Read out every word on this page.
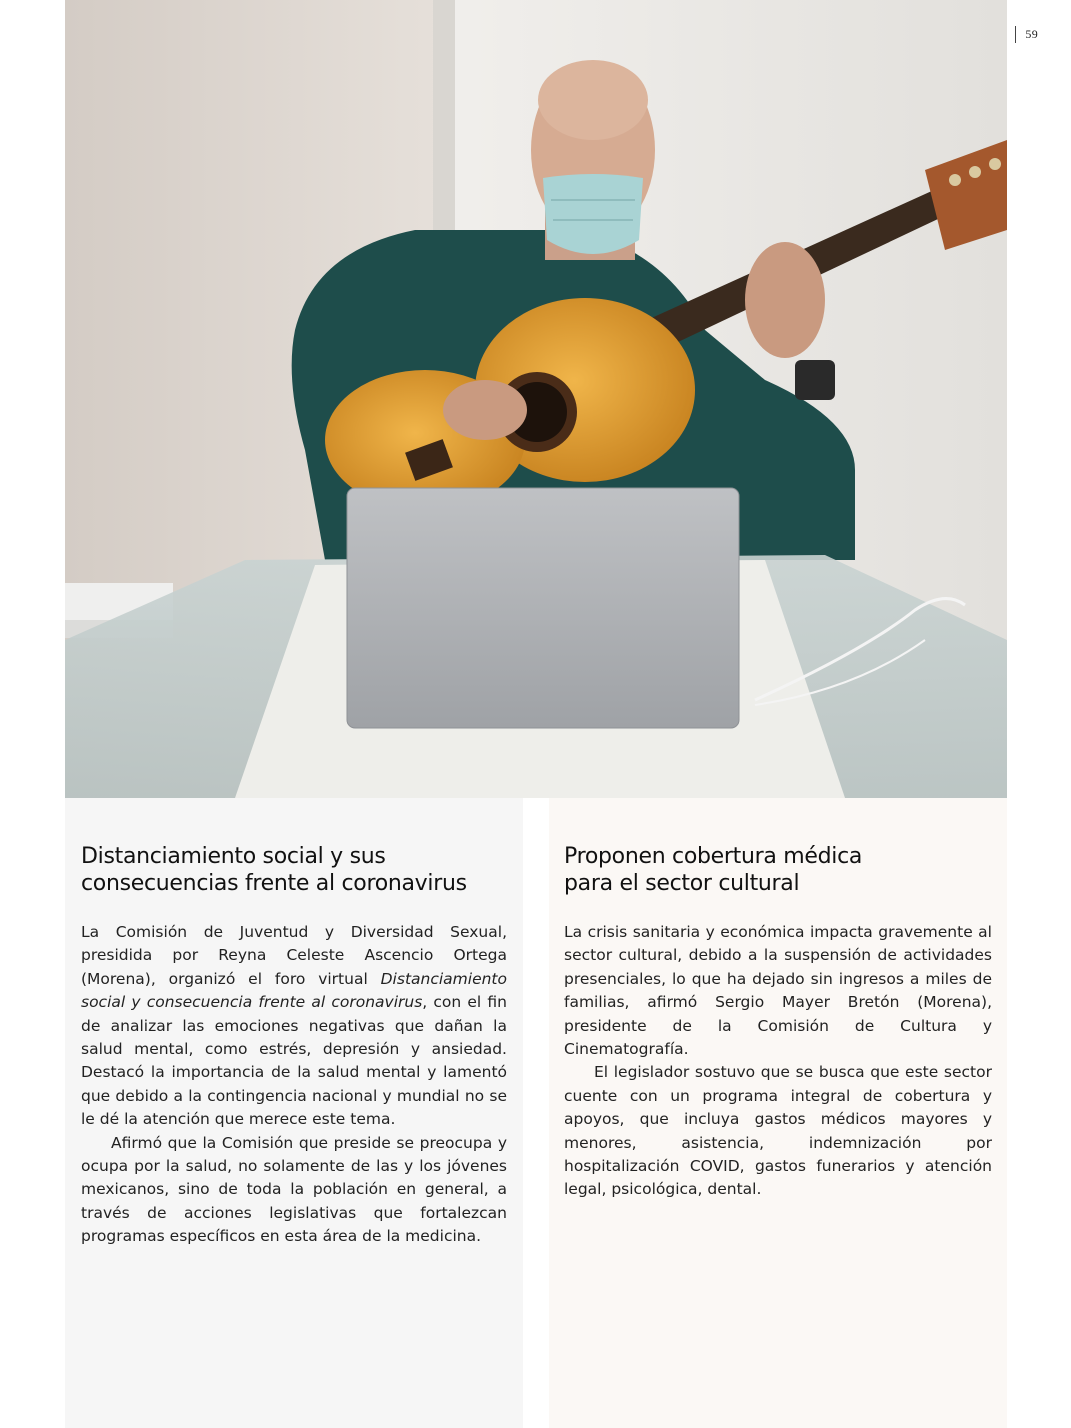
59
Distanciamiento social y sus
consecuencias frente al coronavirus

La Comisión de Juventud y Diversidad Sexual, presidida por Reyna Celeste Ascencio Ortega (Morena), organizó el foro virtual Distanciamiento social y consecuencia frente al coronavirus, con el fin de analizar las emociones negativas que dañan la salud mental, como estrés, depresión y ansiedad. Destacó la importancia de la salud mental y lamentó que debido a la contingencia nacional y mundial no se le dé la atención que merece este tema.

Afirmó que la Comisión que preside se preocupa y ocupa por la salud, no solamente de las y los jóvenes mexicanos, sino de toda la población en general, a través de acciones legislativas que fortalezcan programas específicos en esta área de la medicina.

Proponen cobertura médica
para el sector cultural

La crisis sanitaria y económica impacta gravemente al sector cultural, debido a la suspensión de actividades presenciales, lo que ha dejado sin ingresos a miles de familias, afirmó Sergio Mayer Bretón (Morena), presidente de la Comisión de Cultura y Cinematografía.

El legislador sostuvo que se busca que este sector cuente con un programa integral de cobertura y apoyos, que incluya gastos médicos mayores y menores, asistencia, indemnización por hospitalización COVID, gastos funerarios y atención legal, psicológica, dental.
